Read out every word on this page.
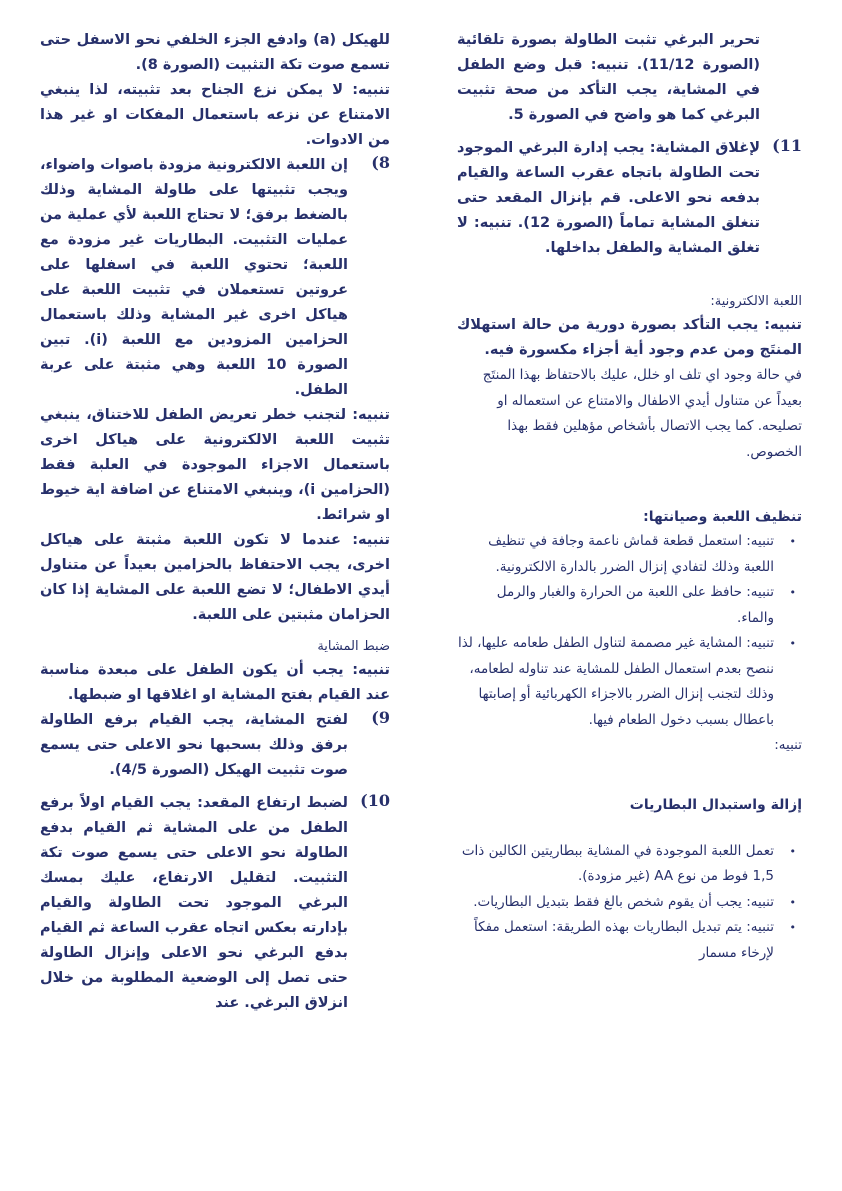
تحرير البرغي تثبت الطاولة بصورة تلقائية (الصورة 11/12). تنبيه: قبل وضع الطفل في المشاية، يجب التأكد من صحة تثبيت البرغي كما هو واضح في الصورة 5.

11)

لإغلاق المشاية: يجب إدارة البرغي الموجود تحت الطاولة باتجاه عقرب الساعة والقيام بدفعه نحو الاعلى. قم بإنزال المقعد حتى تنغلق المشاية تماماً (الصورة 12). تنبيه: لا تغلق المشاية والطفل بداخلها.

اللعبة الالكترونية:

تنبيه: يجب التأكد بصورة دورية من حالة استهلاك المنتَج ومن عدم وجود أية أجزاء مكسورة فيه.

في حالة وجود اي تلف او خلل، عليك بالاحتفاظ بهذا المنتَج بعيداً عن متناول أيدي الاطفال والامتناع عن استعماله او تصليحه. كما يجب الاتصال بأشخاص مؤهلين فقط بهذا الخصوص.

تنظيف اللعبة وصيانتها:

•
تنبيه: استعمل قطعة قماش ناعمة وجافة في تنظيف اللعبة وذلك لتفادي إنزال الضرر بالدارة الالكترونية.
•
تنبيه: حافظ على اللعبة من الحرارة والغبار والرمل والماء.
•
تنبيه: المشاية غير مصممة لتناول الطفل طعامه عليها، لذا ننصح بعدم استعمال الطفل للمشاية عند تناوله لطعامه، وذلك لتجنب إنزال الضرر بالاجزاء الكهربائية أو إصابتها باعطال بسبب دخول الطعام فيها.

تنبيه:

إزالة واستبدال البطاريات

•
تعمل اللعبة الموجودة في المشاية ببطاريتين الكالين ذات 1,5 فوط من نوع AA (غير مزودة).
•
تنبيه: يجب أن يقوم شخص بالغ فقط بتبديل البطاريات.
•
تنبيه: يتم تبديل البطاريات بهذه الطريقة: استعمل مفكاً لإرخاء مسمار

للهيكل (a) وادفع الجزء الخلفي نحو الاسفل حتى تسمع صوت تكة التثبيت (الصورة 8).

تنبيه: لا يمكن نزع الجناح بعد تثبيته، لذا ينبغي الامتناع عن نزعه باستعمال المفكات او غير هذا من الادوات.

8)

إن اللعبة الالكترونية مزودة باصوات واضواء، ويجب تثبيتها على طاولة المشاية وذلك بالضغط برفق؛ لا تحتاج اللعبة لأي عملية من عمليات التثبيت. البطاريات غير مزودة مع اللعبة؛ تحتوي اللعبة في اسفلها على عروتين تستعملان في تثبيت اللعبة على هياكل اخرى غير المشاية وذلك باستعمال الحزامين المزودين مع اللعبة (i). تبين الصورة 10 اللعبة وهي مثبتة على عربة الطفل.

تنبيه: لتجنب خطر تعريض الطفل للاختناق، ينبغي تثبيت اللعبة الالكترونية على هياكل اخرى باستعمال الاجزاء الموجودة في العلبة فقط (الحزامين i)، وينبغي الامتناع عن اضافة اية خيوط او شرائط.

تنبيه: عندما لا تكون اللعبة مثبتة على هياكل اخرى، يجب الاحتفاظ بالحزامين بعيداً عن متناول أيدي الاطفال؛ لا تضع اللعبة على المشاية إذا كان الحزامان مثبتين على اللعبة.

ضبط المشاية

تنبيه: يجب أن يكون الطفل على مبعدة مناسبة عند القيام بفتح المشاية او اغلاقها او ضبطها.

9)

لفتح المشاية، يجب القيام برفع الطاولة برفق وذلك بسحبها نحو الاعلى حتى يسمع صوت تثبيت الهيكل (الصورة 4/5).

10)

لضبط ارتفاع المقعد: يجب القيام اولاً برفع الطفل من على المشاية ثم القيام بدفع الطاولة نحو الاعلى حتى يسمع صوت تكة التثبيت. لتقليل الارتفاع، عليك بمسك البرغي الموجود تحت الطاولة والقيام بإدارته بعكس اتجاه عقرب الساعة ثم القيام بدفع البرغي نحو الاعلى وإنزال الطاولة حتى تصل إلى الوضعية المطلوبة من خلال انزلاق البرغي. عند
